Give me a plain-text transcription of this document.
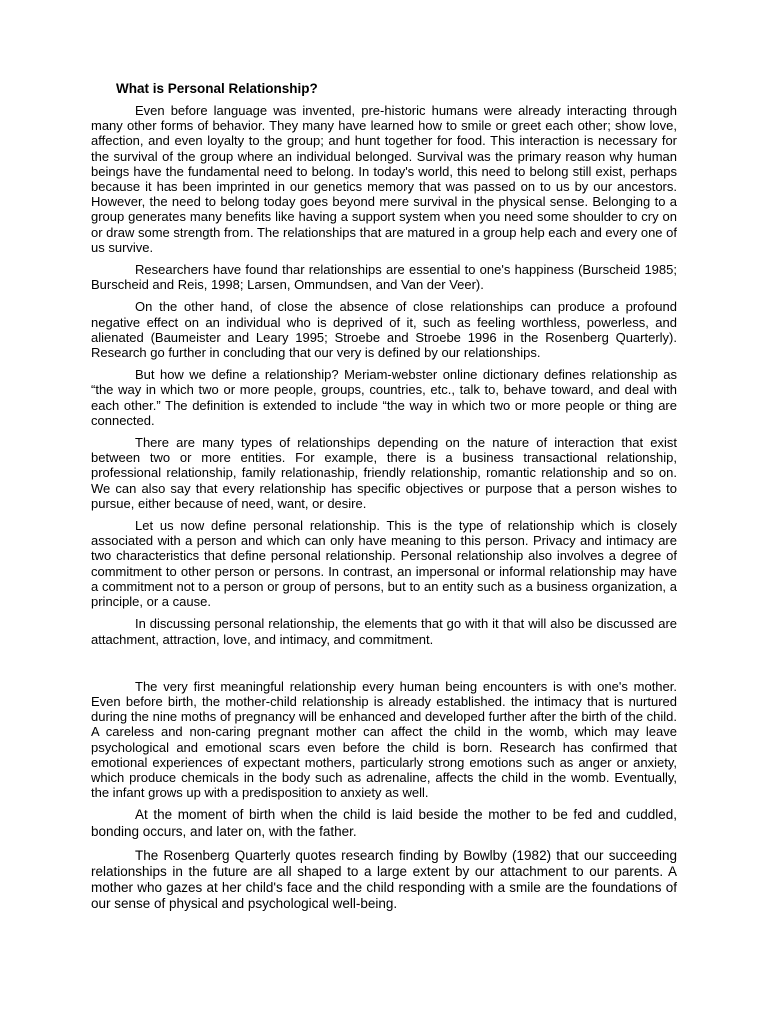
What is Personal Relationship?

Even before language was invented, pre-historic humans were already interacting through many other forms of behavior. They many have learned how to smile or greet each other; show love, affection, and even loyalty to the group; and hunt together for food. This interaction is necessary for the survival of the group where an individual belonged. Survival was the primary reason why human beings have the fundamental need to belong. In today's world, this need to belong still exist, perhaps because it has been imprinted in our genetics memory that was passed on to us by our ancestors. However, the need to belong today goes beyond mere survival in the physical sense. Belonging to a group generates many benefits like having a support system when you need some shoulder to cry on or draw some strength from. The relationships that are matured in a group help each and every one of us survive.

Researchers have found thar relationships are essential to one's happiness (Burscheid 1985; Burscheid and Reis, 1998; Larsen, Ommundsen, and Van der Veer).

On the other hand, of close the absence of close relationships can produce a profound negative effect on an individual who is deprived of it, such as feeling worthless, powerless, and alienated (Baumeister and Leary 1995; Stroebe and Stroebe 1996 in the Rosenberg Quarterly). Research go further in concluding that our very is defined by our relationships.

But how we define a relationship? Meriam-webster online dictionary defines relationship as “the way in which two or more people, groups, countries, etc., talk to, behave toward, and deal with each other.” The definition is extended to include “the way in which two or more people or thing are connected.

There are many types of relationships depending on the nature of interaction that exist between two or more entities. For example, there is a business transactional relationship, professional relationship, family relationaship, friendly relationship, romantic relationship and so on. We can also say that every relationship has specific objectives or purpose that a person wishes to pursue, either because of need, want, or desire.

Let us now define personal relationship. This is the type of relationship which is closely associated with a person and which can only have meaning to this person. Privacy and intimacy are two characteristics that define personal relationship. Personal relationship also involves a degree of commitment to other person or persons. In contrast, an impersonal or informal relationship may have a commitment not to a person or group of persons, but to an entity such as a business organization, a principle, or a cause.

In discussing personal relationship, the elements that go with it that will also be discussed are attachment, attraction, love, and intimacy, and commitment.

The very first meaningful relationship every human being encounters is with one's mother. Even before birth, the mother-child relationship is already established. the intimacy that is nurtured during the nine moths of pregnancy will be enhanced and developed further after the birth of the child. A careless and non-caring pregnant mother can affect the child in the womb, which may leave psychological and emotional scars even before the child is born. Research has confirmed that emotional experiences of expectant mothers, particularly strong emotions such as anger or anxiety, which produce chemicals in the body such as adrenaline, affects the child in the womb. Eventually, the infant grows up with a predisposition to anxiety as well.

At the moment of birth when the child is laid beside the mother to be fed and cuddled, bonding occurs, and later on, with the father.

The Rosenberg Quarterly quotes research finding by Bowlby (1982) that our succeeding relationships in the future are all shaped to a large extent by our attachment to our parents. A mother who gazes at her child's face and the child responding with a smile are the foundations of our sense of physical and psychological well-being.
